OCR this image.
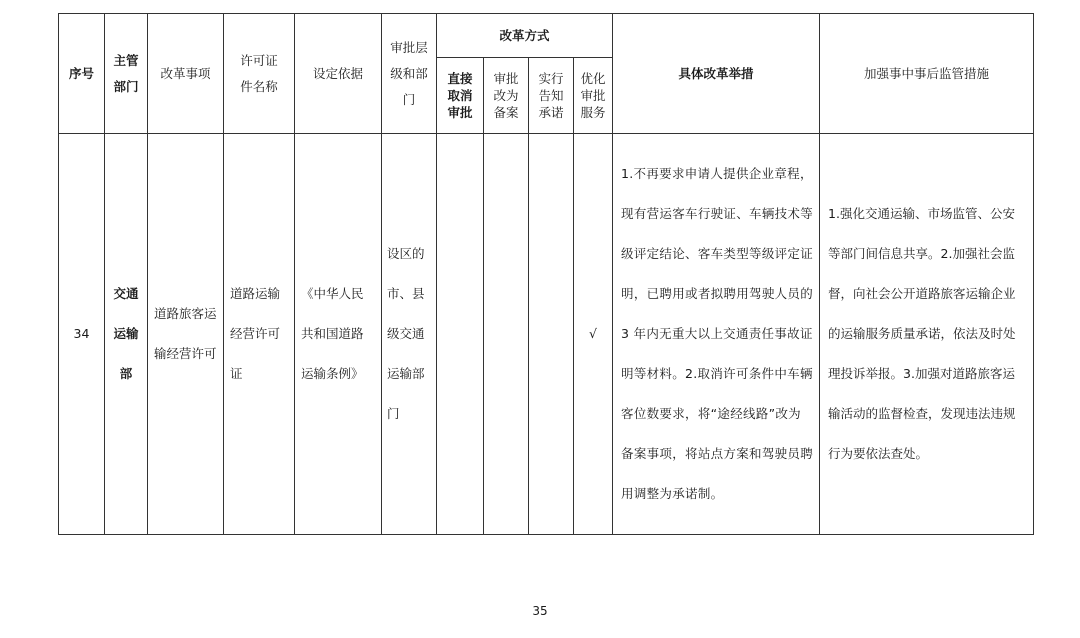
序号	主管部门	改革事项	许可证件名称	设定依据	审批层级和部门	改革方式				具体改革举措	加强事中事后监管措施
						直接取消审批	审批改为备案	实行告知承诺	优化审批服务		
34	交通运输部	道路旅客运输经营许可	道路运输经营许可证	《中华人民共和国道路运输条例》	设区的市、县级交通运输部门				√	1.不再要求申请人提供企业章程，现有营运客车行驶证、车辆技术等级评定结论、客车类型等级评定证明，已聘用或者拟聘用驾驶人员的 3 年内无重大以上交通责任事故证明等材料。2.取消许可条件中车辆客位数要求，将“途经线路”改为备案事项，将站点方案和驾驶员聘用调整为承诺制。	1.强化交通运输、市场监管、公安等部门间信息共享。2.加强社会监督，向社会公开道路旅客运输企业的运输服务质量承诺，依法及时处理投诉举报。3.加强对道路旅客运输活动的监督检查，发现违法违规行为要依法查处。
35
